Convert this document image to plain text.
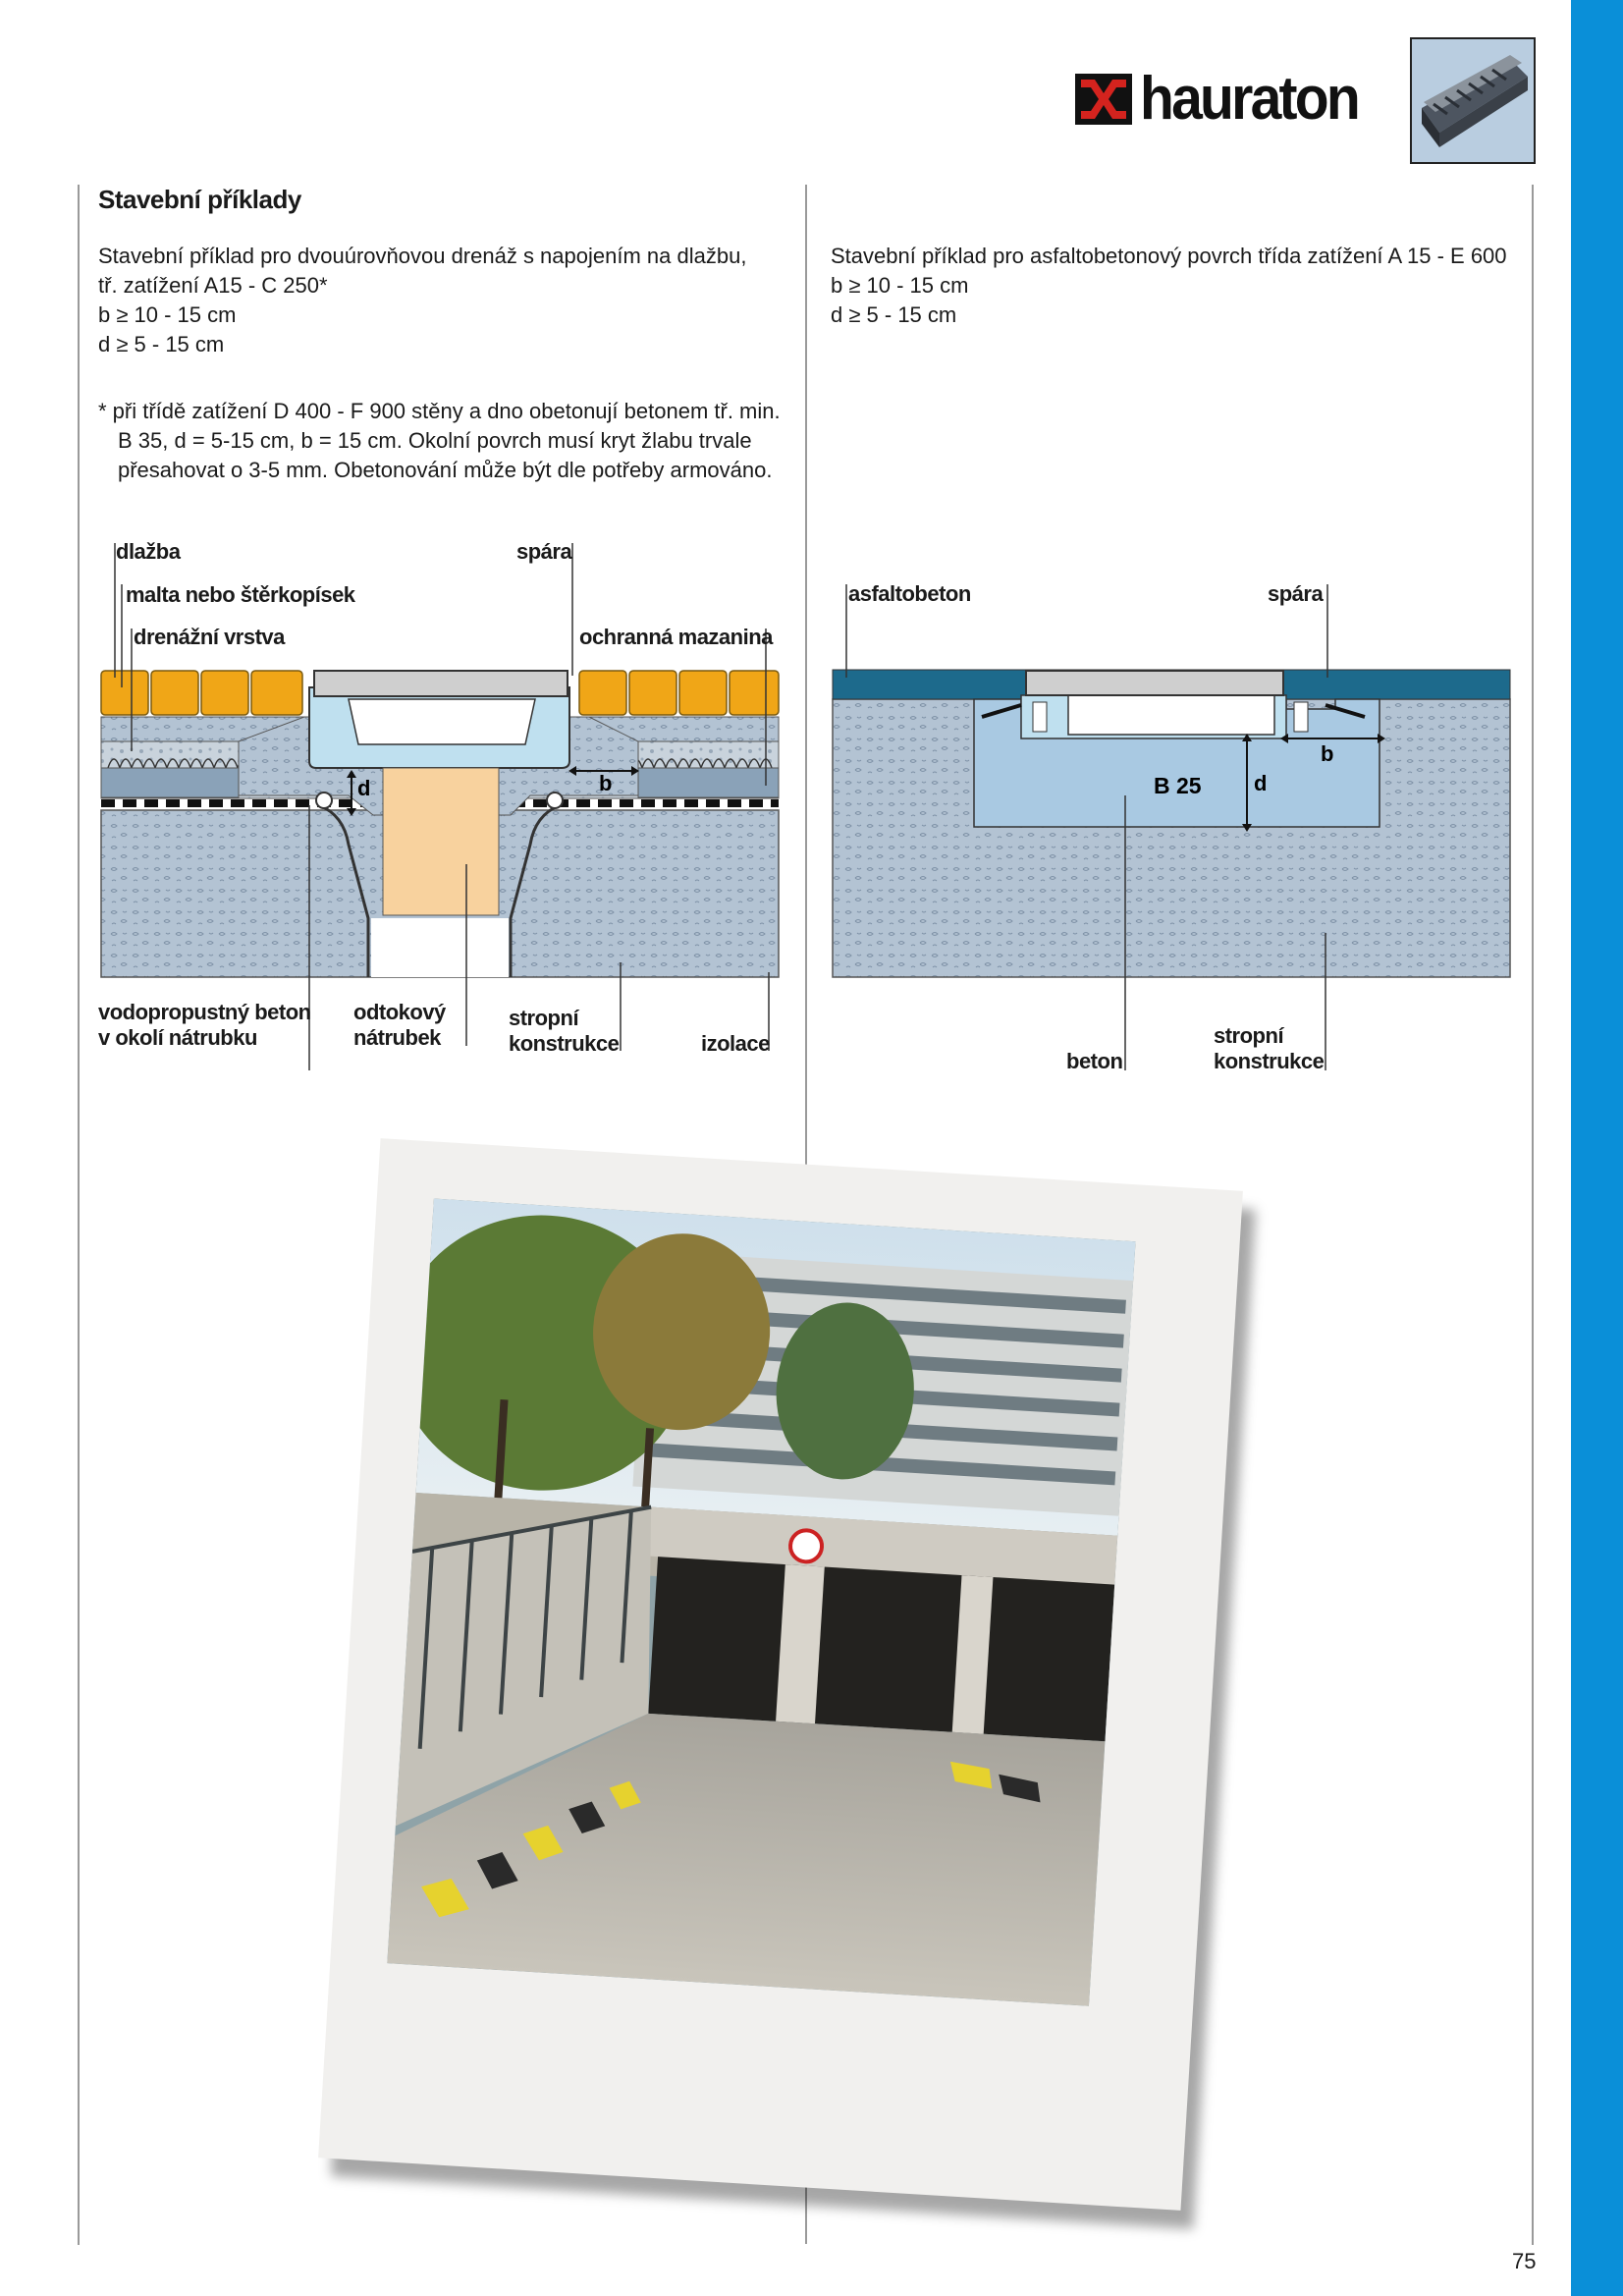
hauraton
Stavební příklady
Stavební příklad pro dvouúrovňovou drenáž s napojením na dlažbu,
tř. zatížení A15 - C 250*
b ≥ 10 - 15 cm
d ≥ 5 - 15 cm
* při třídě zatížení D 400 - F 900 stěny a dno obetonují betonem tř. min.
B 35, d = 5-15 cm, b = 15 cm. Okolní povrch musí kryt žlabu trvale
přesahovat o 3-5 mm. Obetonování může být dle potřeby armováno.
Stavební příklad pro asfaltobetonový povrch třída zatížení A 15 - E 600
b ≥ 10 - 15 cm
d ≥ 5 - 15 cm
d	b
dlažba
malta nebo štěrkopísek
drenážní vrstva
spára
ochranná mazanina
vodopropustný beton
v okolí nátrubku
odtokový
nátrubek
stropní
konstrukce	izolace
b
d
B 25
asfaltobeton	spára
beton
stropní
konstrukce
75
